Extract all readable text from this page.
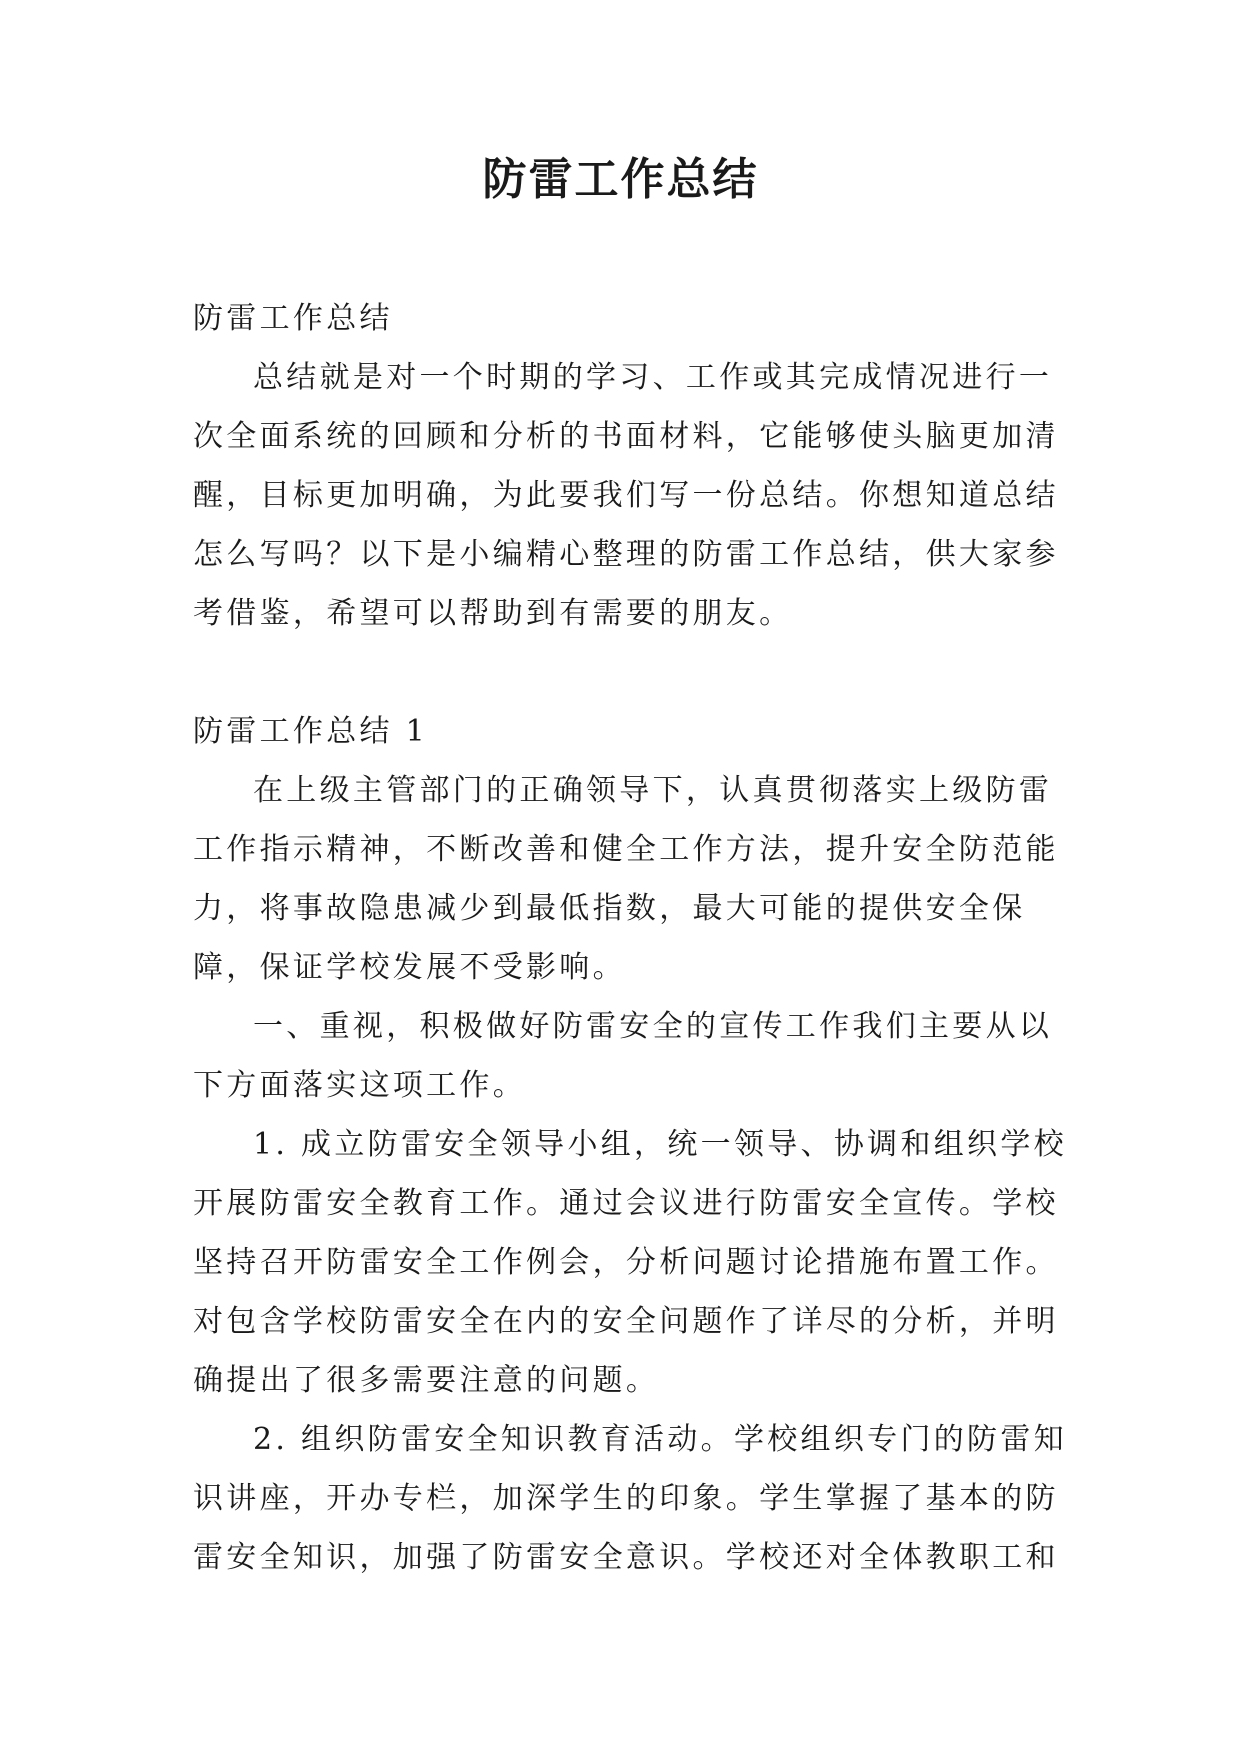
防雷工作总结

防雷工作总结

总结就是对一个时期的学习、工作或其完成情况进行一次全面系统的回顾和分析的书面材料，它能够使头脑更加清醒，目标更加明确，为此要我们写一份总结。你想知道总结怎么写吗？以下是小编精心整理的防雷工作总结，供大家参考借鉴，希望可以帮助到有需要的朋友。

防雷工作总结 1

在上级主管部门的正确领导下，认真贯彻落实上级防雷工作指示精神，不断改善和健全工作方法，提升安全防范能力，将事故隐患减少到最低指数，最大可能的提供安全保障，保证学校发展不受影响。

一、重视，积极做好防雷安全的宣传工作我们主要从以下方面落实这项工作。

1. 成立防雷安全领导小组，统一领导、协调和组织学校开展防雷安全教育工作。通过会议进行防雷安全宣传。学校坚持召开防雷安全工作例会，分析问题讨论措施布置工作。对包含学校防雷安全在内的安全问题作了详尽的分析，并明确提出了很多需要注意的问题。

2. 组织防雷安全知识教育活动。学校组织专门的防雷知识讲座，开办专栏，加深学生的印象。学生掌握了基本的防雷安全知识，加强了防雷安全意识。学校还对全体教职工和
